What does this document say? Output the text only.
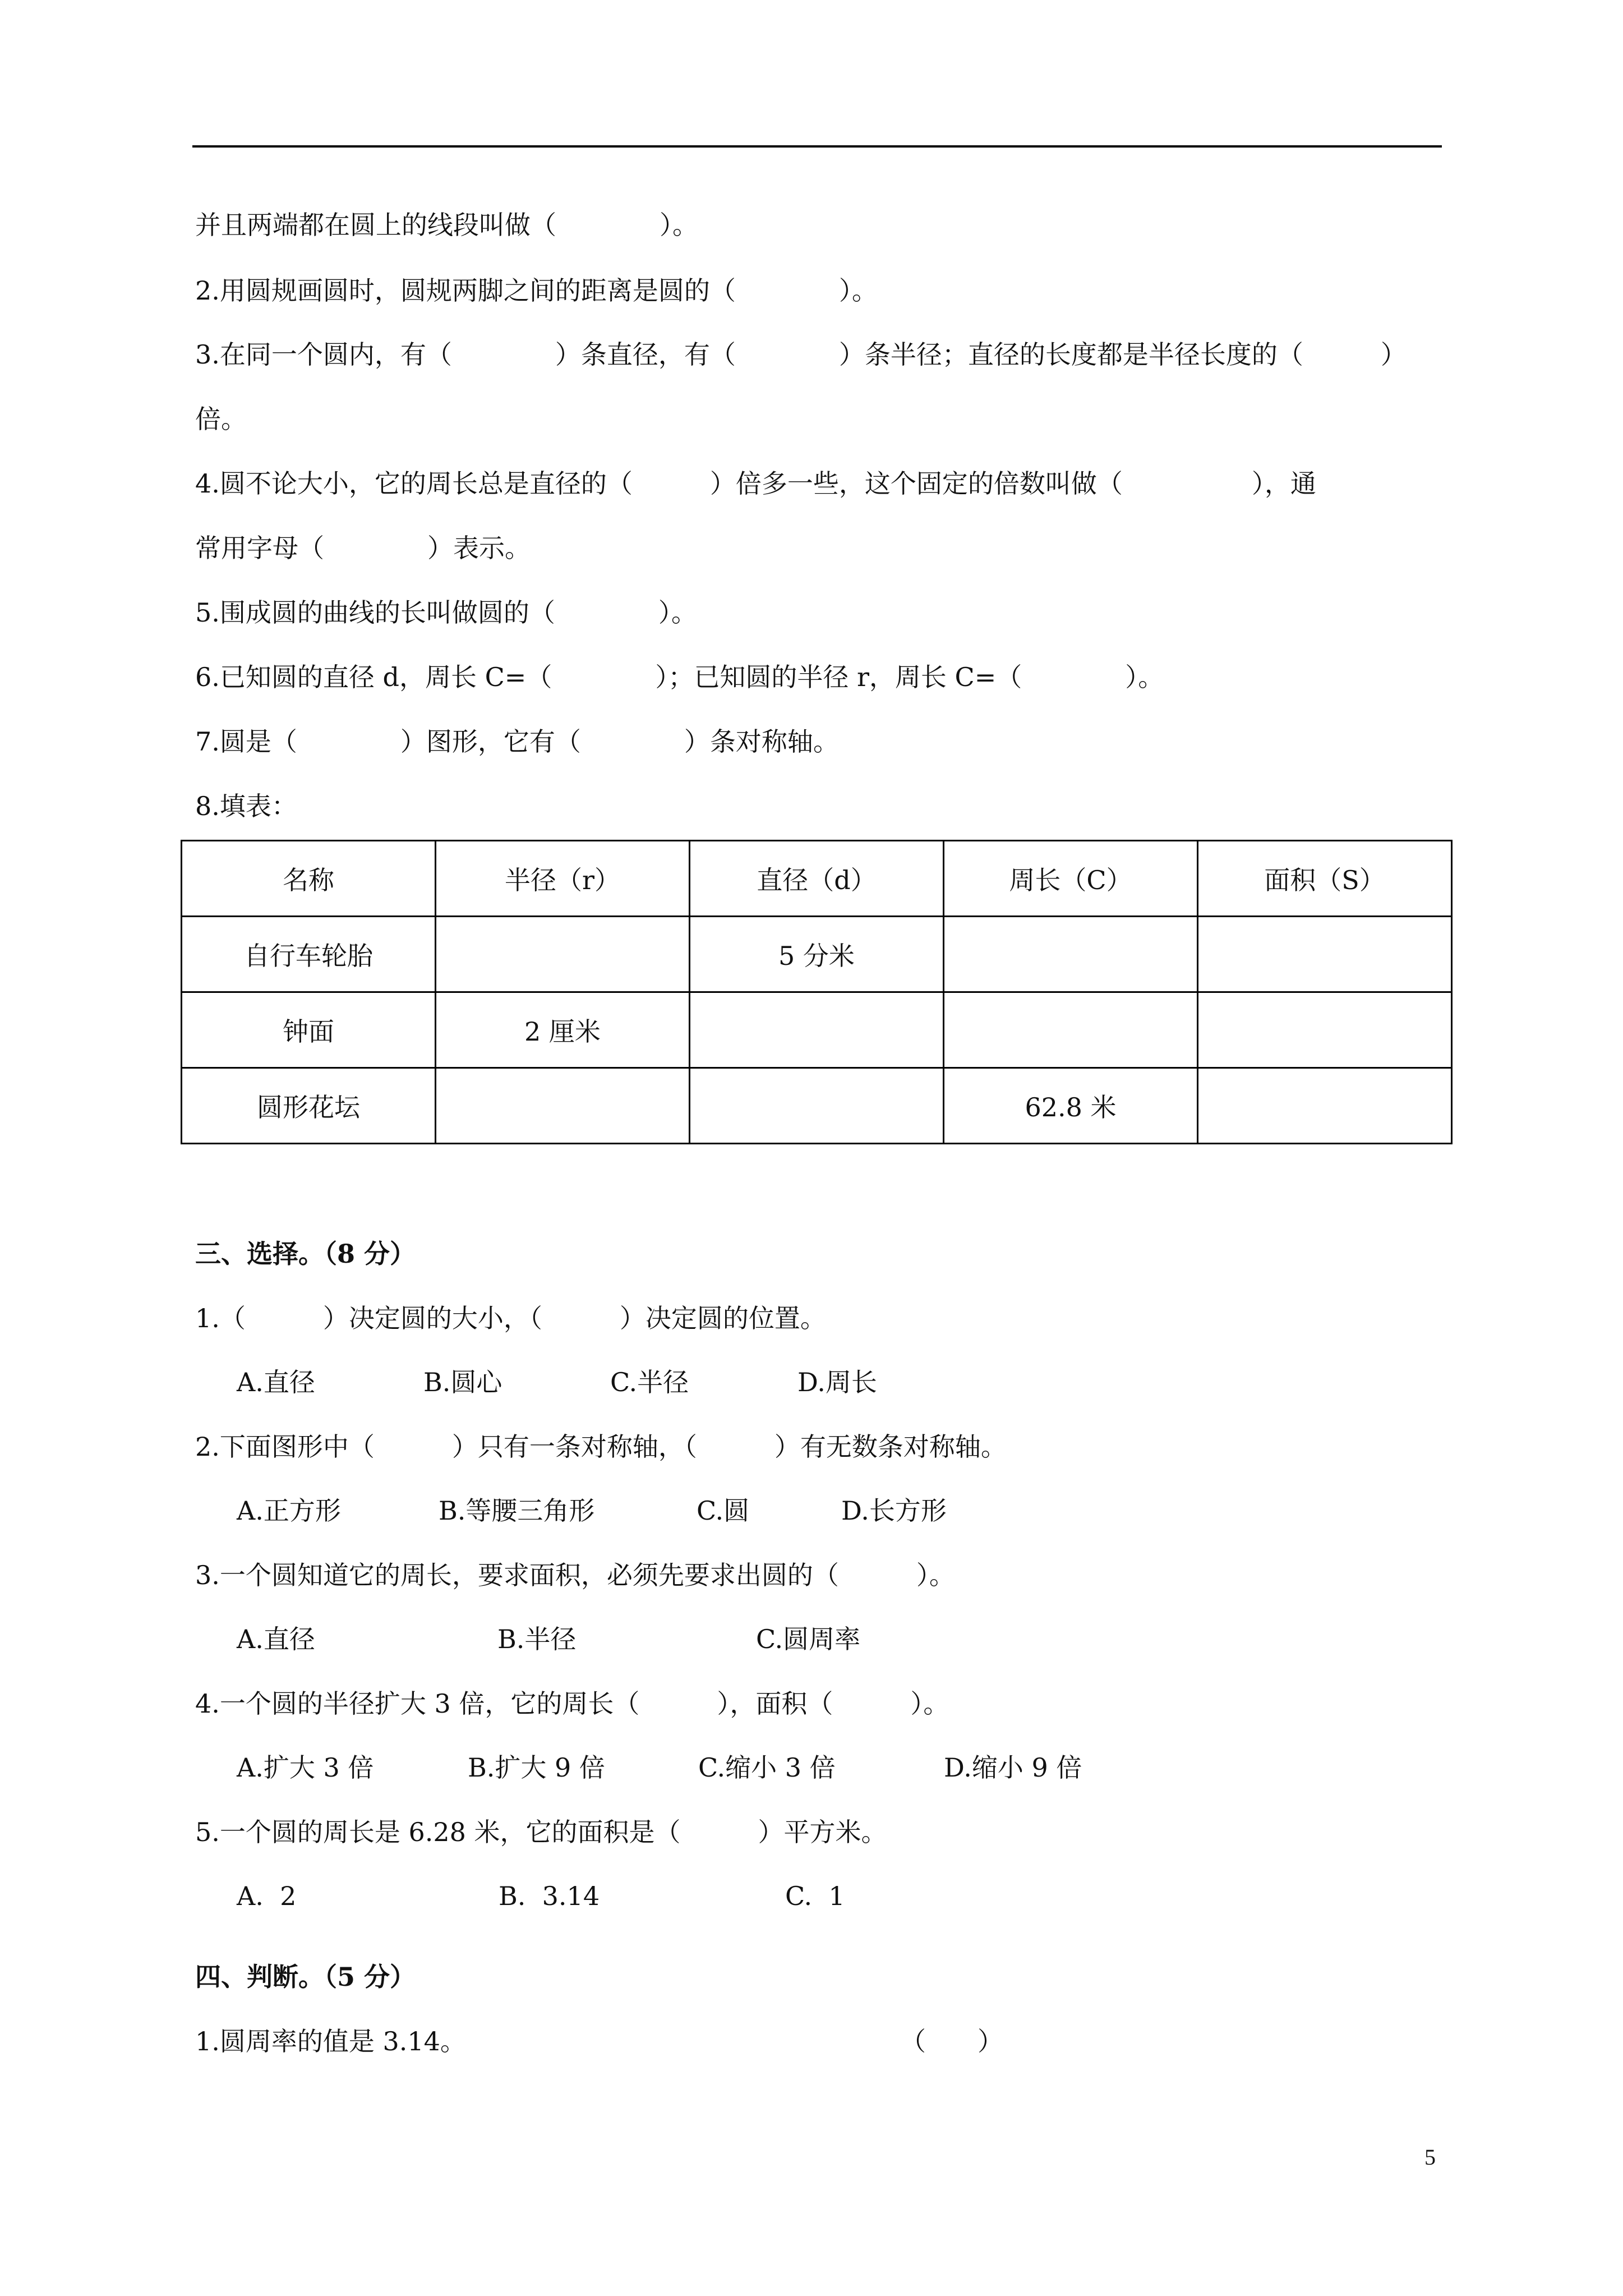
并且两端都在圆上的线段叫做（　　　　）。
2.用圆规画圆时，圆规两脚之间的距离是圆的（　　　　）。
3.在同一个圆内，有（　　　　）条直径，有（　　　　）条半径；直径的长度都是半径长度的（　　　）
倍。
4.圆不论大小，它的周长总是直径的（　　　）倍多一些，这个固定的倍数叫做（　　　　　），通
常用字母（　　　　）表示。
5.围成圆的曲线的长叫做圆的（　　　　）。
6.已知圆的直径 d，周长 C=（　　　　）；已知圆的半径 r，周长 C=（　　　　）。
7.圆是（　　　　）图形，它有（　　　　）条对称轴。
8.填表：
名称	半径（r）	直径（d）	周长（C）	面积（S）
自行车轮胎		5 分米		
钟面	2 厘米			
圆形花坛			62.8 米	
三、选择。（8 分）
1.（　　　）决定圆的大小，（　　　）决定圆的位置。
A.直径	B.圆心	C.半径	D.周长
2.下面图形中（　　　）只有一条对称轴，（　　　）有无数条对称轴。
A.正方形	B.等腰三角形	C.圆	D.长方形
3.一个圆知道它的周长，要求面积，必须先要求出圆的（　　　）。
A.直径	B.半径	C.圆周率
4.一个圆的半径扩大 3 倍，它的周长（　　　），面积（　　　）。
A.扩大 3 倍	B.扩大 9 倍	C.缩小 3 倍	D.缩小 9 倍
5.一个圆的周长是 6.28 米，它的面积是（　　　）平方米。
A.  2	B.  3.14	C.  1
四、判断。（5 分）
1.圆周率的值是 3.14。	（　　）
5
